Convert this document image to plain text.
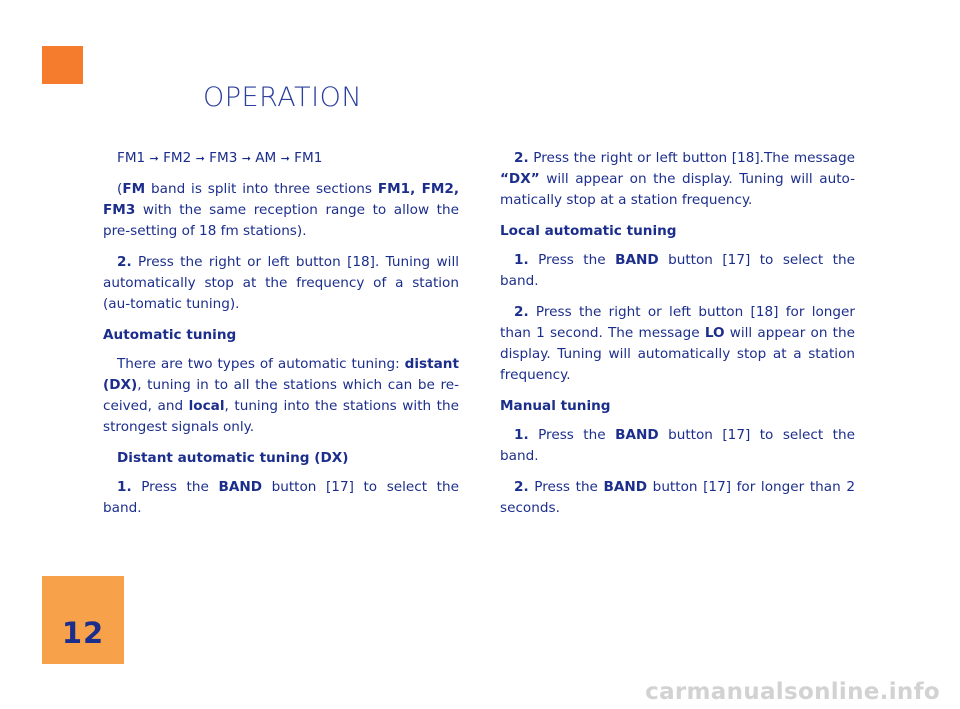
OPERATION

FM1 ➞ FM2 ➞ FM3 ➞ AM ➞ FM1

(FM band is split into three sections FM1, FM2, FM3 with the same reception range to allow the pre-setting of 18 fm stations).

2. Press the right or left button [18]. Tuning will automatically stop at the frequency of a station (au-tomatic tuning).

Automatic tuning

There are two types of automatic tuning: distant (DX), tuning in to all the stations which can be re-ceived, and local, tuning into the stations with the strongest signals only.

Distant automatic tuning (DX)

1. Press the BAND button [17] to select the band.

2. Press the right or left button [18].The message “DX” will appear on the display. Tuning will auto-matically stop at a station frequency.

Local automatic tuning

1. Press the BAND button [17] to select the band.

2. Press the right or left button [18] for longer than 1 second. The message LO will appear on the display. Tuning will automatically stop at a station frequency.

Manual tuning

1. Press the BAND button [17] to select the band.

2. Press the BAND button [17] for longer than 2 seconds.

12
carmanualsonline.info
